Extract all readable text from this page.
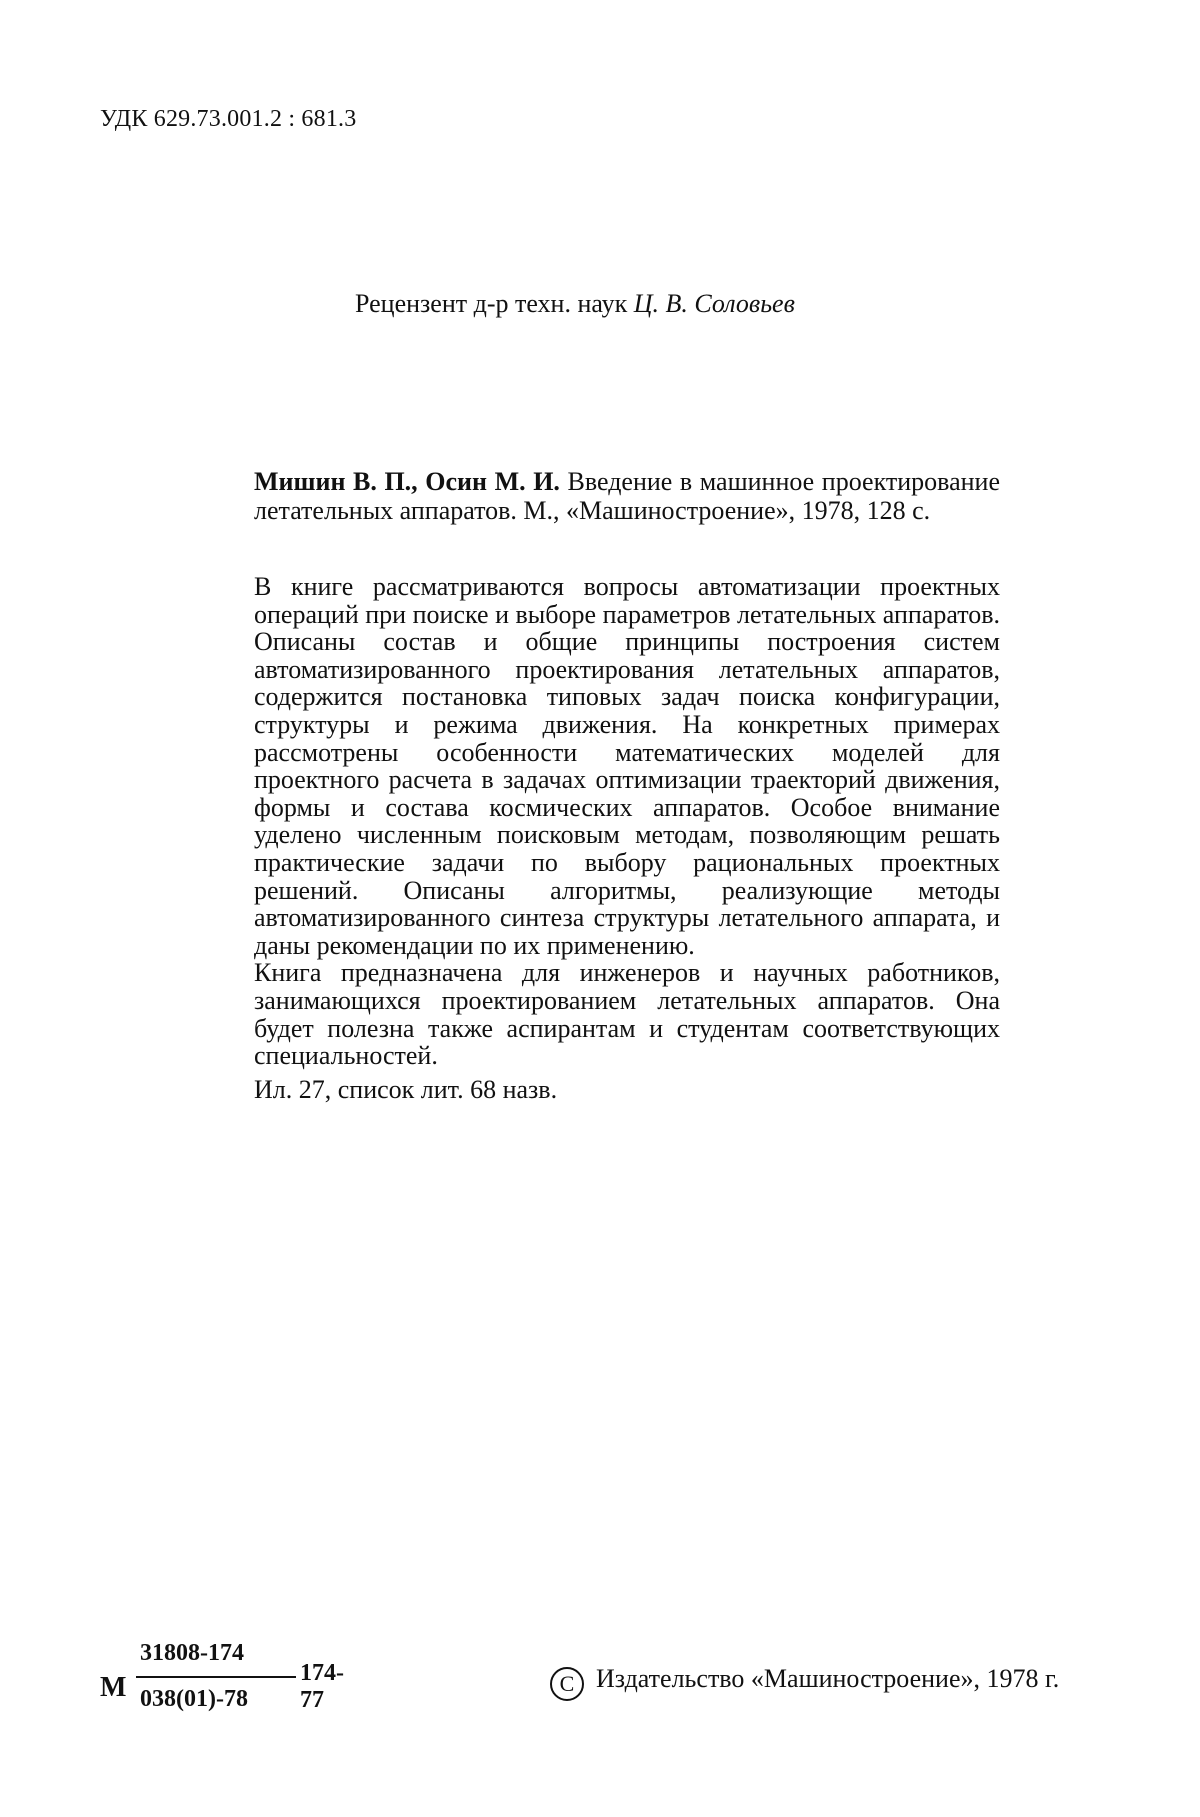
УДК 629.73.001.2 : 681.3
Рецензент д-р техн. наук Ц. В. Соловьев
Мишин В. П., Осин М. И. Введение в машинное проектирование летательных аппаратов. М., «Машиностроение», 1978, 128 с.

В книге рассматриваются вопросы автоматизации проектных операций при поиске и выборе параметров летательных аппаратов. Описаны состав и общие принципы построения систем автоматизированного проектирования летательных аппаратов, содержится постановка типовых задач поиска конфигурации, структуры и режима движения. На конкретных примерах рассмотрены особенности математических моделей для проектного расчета в задачах оптимизации траекторий движения, формы и состава космических аппаратов. Особое внимание уделено численным поисковым методам, позволяющим решать практические задачи по выбору рациональных проектных решений. Описаны алгоритмы, реализующие методы автоматизированного синтеза структуры летательного аппарата, и даны рекомендации по их применению.

Книга предназначена для инженеров и научных работников, занимающихся проектированием летательных аппаратов. Она будет полезна также аспирантам и студентам соответствующих специальностей.

Ил. 27, список лит. 68 назв.
М
31808-174
038(01)-78
174-77
C Издательство «Машиностроение», 1978 г.
